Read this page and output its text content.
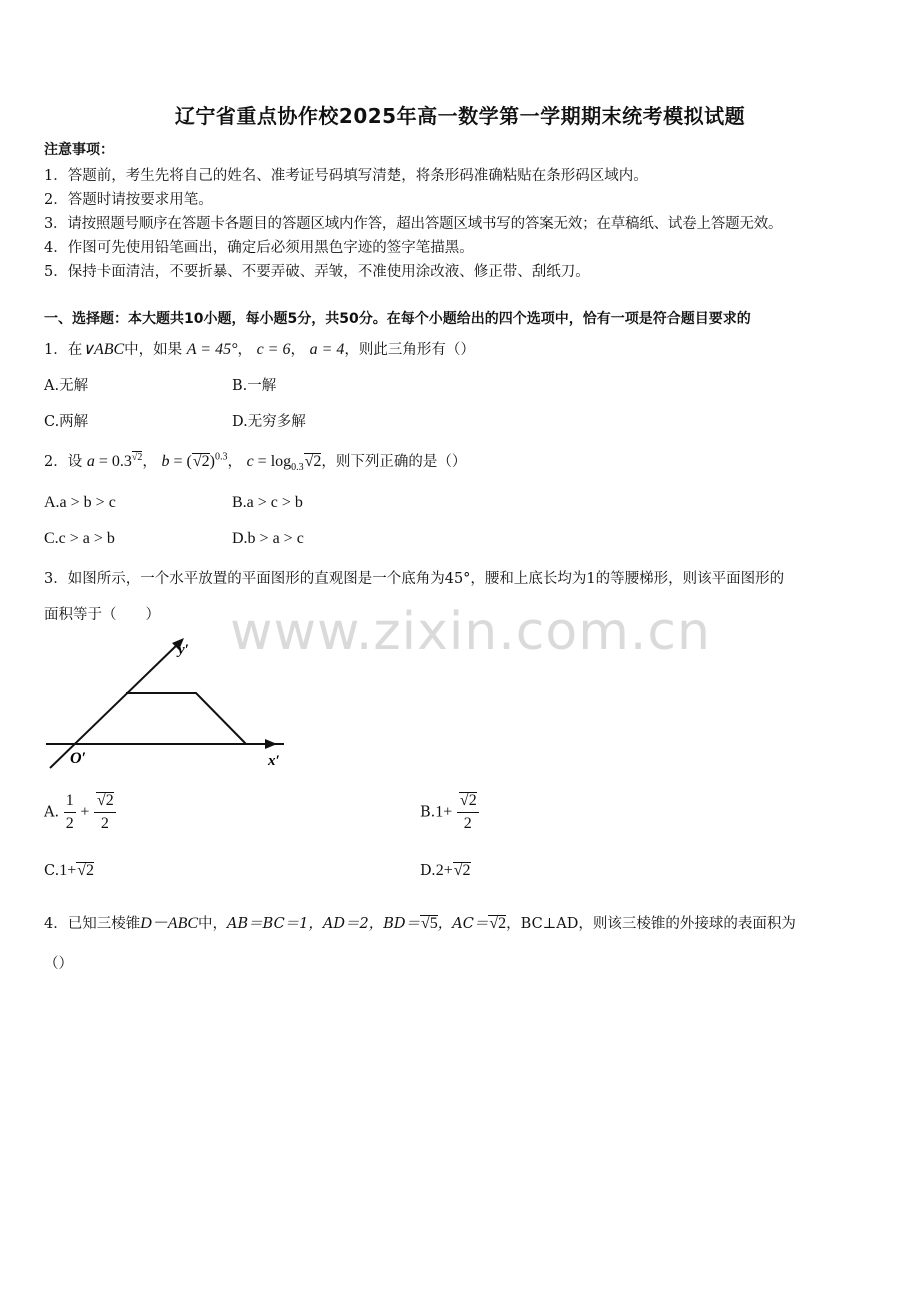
辽宁省重点协作校2025年高一数学第一学期期末统考模拟试题
注意事项：
1．答题前，考生先将自己的姓名、准考证号码填写清楚，将条形码准确粘贴在条形码区域内。
2．答题时请按要求用笔。
3．请按照题号顺序在答题卡各题目的答题区域内作答，超出答题区域书写的答案无效；在草稿纸、试卷上答题无效。
4．作图可先使用铅笔画出，确定后必须用黑色字迹的签字笔描黑。
5．保持卡面清洁，不要折暴、不要弄破、弄皱，不准使用涂改液、修正带、刮纸刀。
一、选择题：本大题共10小题，每小题5分，共50分。在每个小题给出的四个选项中，恰有一项是符合题目要求的
1．在∨ABC中，如果 A = 45°， c = 6， a = 4，则此三角形有（）
A.无解	B.一解
C.两解	D.无穷多解
2．设 $a = 0.3^{√2}$， $b = (√2)^{0.3}$， $c = \log_{0.3}√2$，则下列正确的是（）
A.a > b > c	B.a > c > b
C.c > a > b	D.b > a > c
3．如图所示，一个水平放置的平面图形的直观图是一个底角为45°，腰和上底长均为1的等腰梯形，则该平面图形的
面积等于（　　） www.zixin.com.cn
y′
x′
O′
A. $\frac{1}{2} + \frac{√2}{2}$	$B.1+ \frac{√2}{2}$
C.1+√2	D.2+√2
4．已知三棱锥D－ABC中，AB＝BC＝1，AD＝2，BD＝√5，AC＝√2，BC⊥AD，则该三棱锥的外接球的表面积为
（）
